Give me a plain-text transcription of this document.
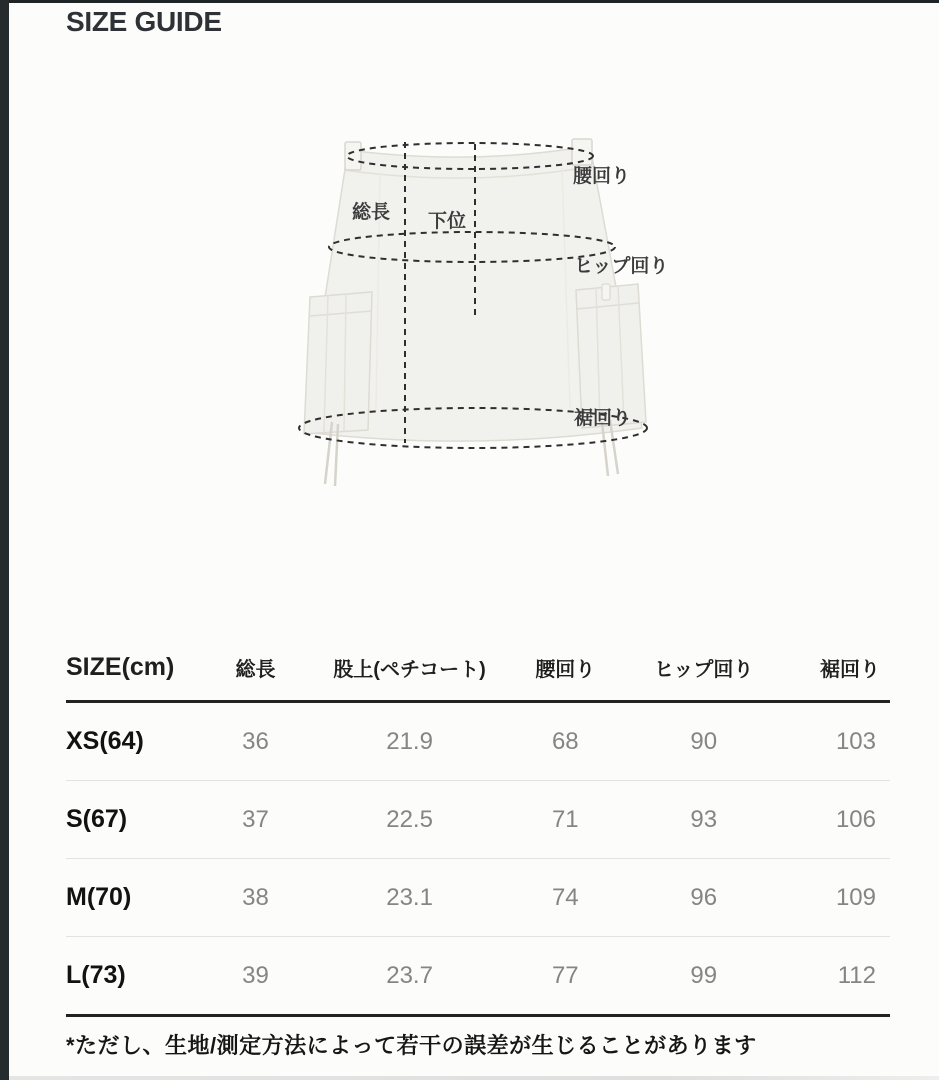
SIZE GUIDE
総長 下位
腰回り
ヒップ回り
裾回り
SIZE(cm)	総長	股上(ペチコート)	腰回り	ヒップ回り	裾回り
XS(64)	36	21.9	68	90	103
S(67)	37	22.5	71	93	106
M(70)	38	23.1	74	96	109
L(73)	39	23.7	77	99	112

*ただし、生地/測定方法によって若干の誤差が生じることがあります
